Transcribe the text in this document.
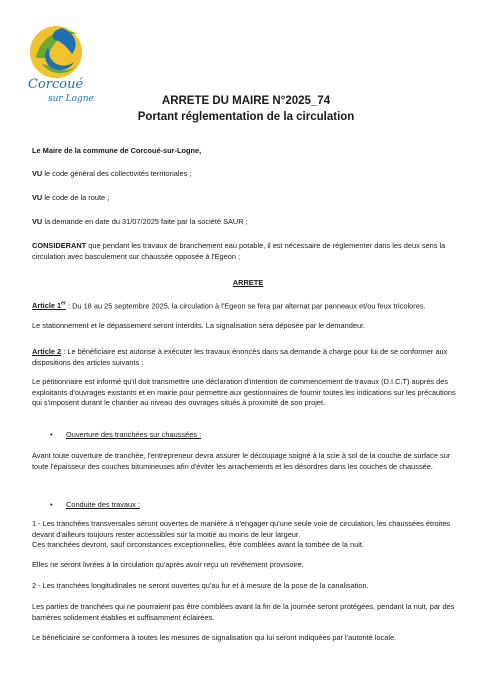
Corcoué
sur Logne	ARRETE DU MAIRE N°2025_74
Portant réglementation de la circulation

Le Maire de la commune de Corcoué-sur-Logne,

VU le code général des collectivités territoriales ;

VU le code de la route ;

VU la demande en date du 31/07/2025 faite par la société SAUR ;

CONSIDERANT que pendant les travaux de branchement eau potable, il est nécessaire de réglementer dans les deux sens la circulation avec basculement sur chaussée opposée à l'Egeon ;

ARRETE

Article 1er : Du 18 au 25 septembre 2025, la circulation à l'Egeon se fera par alternat par panneaux et/ou feux tricolores.

Le stationnement et le dépassement seront interdits. La signalisation sera déposée par le demandeur.

Article 2 : Le bénéficiaire est autorisé à exécuter les travaux énoncés dans sa demande à charge pour lui de se conformer aux dispositions des articles suivants :

Le pétitionnaire est informé qu'il doit transmettre une déclaration d'intention de commencement de travaux (D.I.C.T) auprès des exploitants d'ouvrages existants et en mairie pour permettre aux gestionnaires de fournir toutes les indications sur les précautions qui s'imposent durant le chantier au niveau des ouvrages situés à proximité de son projet.

• Ouverture des tranchées sur chaussées :

Avant toute ouverture de tranchée, l'entrepreneur devra assurer le découpage soigné à la scie à sol de la couche de surface sur toute l'épaisseur des couches bitumineuses afin d'éviter les arrachements et les désordres dans les couches de chaussée.

• Conduite des travaux :

1 - Les tranchées transversales seront ouvertes de manière à n'engager qu'une seule voie de circulation, les chaussées étroites devant d'ailleurs toujours rester accessibles sur la moitié au moins de leur largeur.

Ces tranchées devront, sauf circonstances exceptionnelles, être comblées avant la tombée de la nuit.

Elles ne seront livrées à la circulation qu'après avoir reçu un revêtement provisoire.

2 - Les tranchées longitudinales ne seront ouvertes qu'au fur et à mesure de la pose de la canalisation.

Les parties de tranchées qui ne pourraient pas être comblées avant la fin de la journée seront protégées, pendant la nuit, par des barrières solidement établies et suffisamment éclairées.

Le bénéficiaire se conformera à toutes les mesures de signalisation qui lui seront indiquées par l'autorité locale.
